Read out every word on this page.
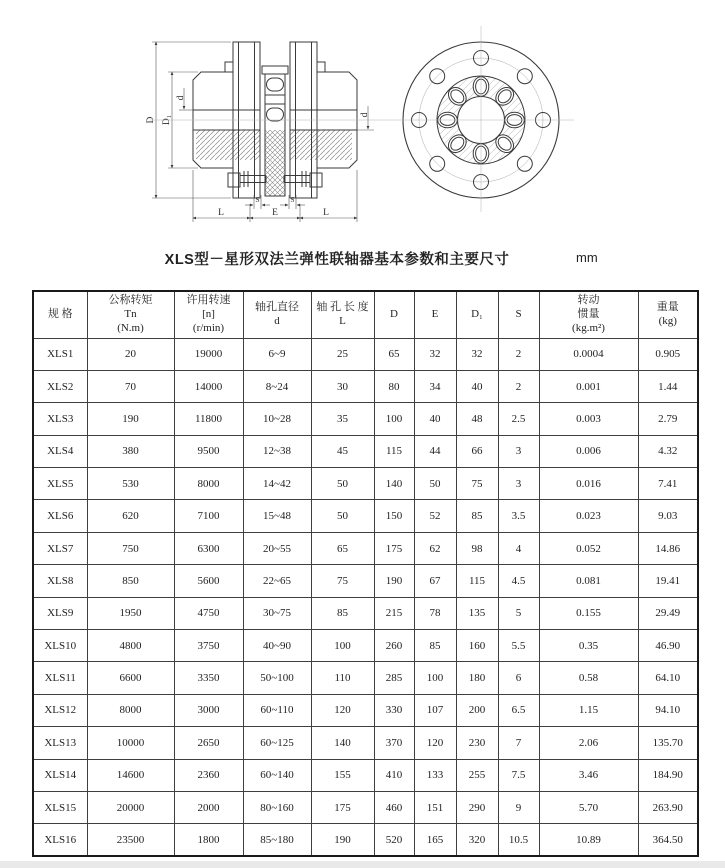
D D₁
d
d
L	E	L
S	S
XLS型－星形双法兰弹性联轴器基本参数和主要尺寸	mm
规 格

公称转矩
Tn
(N.m)

许用转速
[n]
(r/min)

轴孔直径
d

轴 孔 长 度
L

D	E	D₁	S

转动
惯量
(kg.m²)

重量
(kg)

XLS1	20	19000	6~9	25	65	32	32	2	0.0004	0.905
XLS2	70	14000	8~24	30	80	34	40	2	0.001	1.44
XLS3	190	11800	10~28	35	100	40	48	2.5	0.003	2.79
XLS4	380	9500	12~38	45	115	44	66	3	0.006	4.32
XLS5	530	8000	14~42	50	140	50	75	3	0.016	7.41
XLS6	620	7100	15~48	50	150	52	85	3.5	0.023	9.03
XLS7	750	6300	20~55	65	175	62	98	4	0.052	14.86
XLS8	850	5600	22~65	75	190	67	115	4.5	0.081	19.41
XLS9	1950	4750	30~75	85	215	78	135	5	0.155	29.49
XLS10	4800	3750	40~90	100	260	85	160	5.5	0.35	46.90
XLS11	6600	3350	50~100	110	285	100	180	6	0.58	64.10
XLS12	8000	3000	60~110	120	330	107	200	6.5	1.15	94.10
XLS13	10000	2650	60~125	140	370	120	230	7	2.06	135.70
XLS14	14600	2360	60~140	155	410	133	255	7.5	3.46	184.90
XLS15	20000	2000	80~160	175	460	151	290	9	5.70	263.90
XLS16	23500	1800	85~180	190	520	165	320	10.5	10.89	364.50
